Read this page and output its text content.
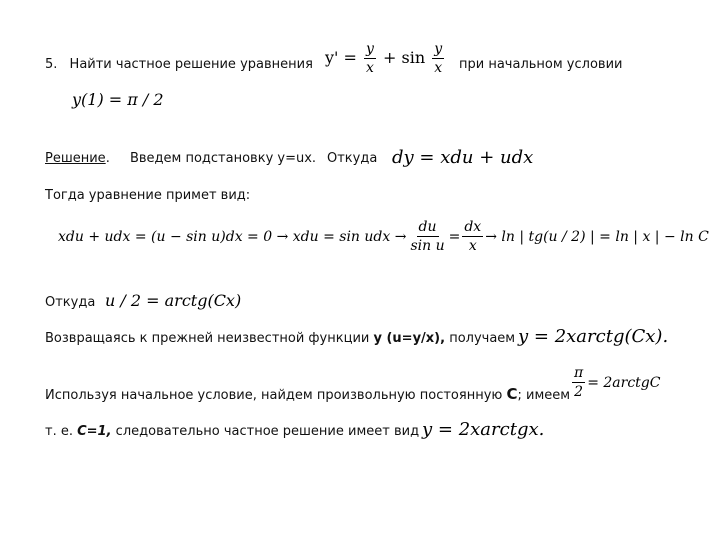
5. Найти частное решение уравнения $y' = \frac{y}{x} + \sin \frac{y}{x}$ при начальном условии
y(1) = π / 2
Решение. Введем подстановку y=ux. Откуда dy = xdu + udx
Тогда уравнение примет вид:
xdu + udx = (u − sin u)dx = 0 → xdu = sin udx → $\frac{du}{\text{sin u}} = \frac{dx}{x} \to \ln$ | tg(u / 2) | = ln | x | − ln C
Откуда u / 2 = arctg(Cx)
Возвращаясь к прежней неизвестной функции y (u=y/x), получаем y = 2xarctg(Cx).
Используя начальное условие, найдем произвольную постоянную C; имеем $\frac{\pi}{2}$ = 2arctgC
т. е. C=1, следовательно частное решение имеет вид y = 2xarctgx.
